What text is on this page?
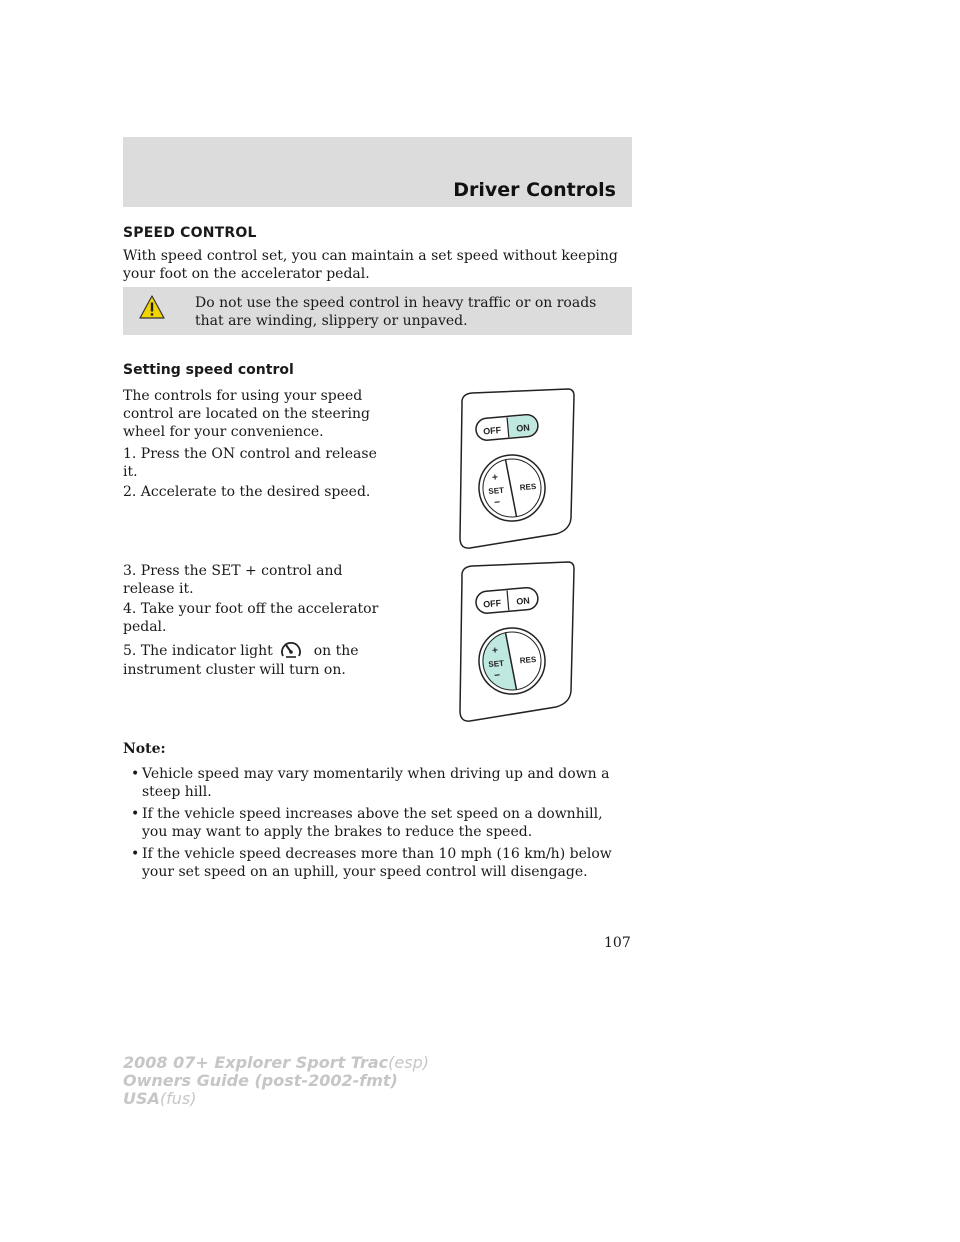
Driver Controls
SPEED CONTROL
With speed control set, you can maintain a set speed without keeping your foot on the accelerator pedal.
Do not use the speed control in heavy traffic or on roads that are winding, slippery or unpaved.
Setting speed control
The controls for using your speed control are located on the steering wheel for your convenience.
1. Press the ON control and release it.
2. Accelerate to the desired speed.
3. Press the SET + control and release it.
4. Take your foot off the accelerator pedal.
5. The indicator light	on the
instrument cluster will turn on.
OFF ON
+
SET
−
RES
OFF ON
+
SET
−
RES
Note:
• Vehicle speed may vary momentarily when driving up and down a steep hill.
• If the vehicle speed increases above the set speed on a downhill, you may want to apply the brakes to reduce the speed.
• If the vehicle speed decreases more than 10 mph (16 km/h) below your set speed on an uphill, your speed control will disengage.
107
2008 07+ Explorer Sport Trac(esp)
Owners Guide (post-2002-fmt)
USA(fus)
